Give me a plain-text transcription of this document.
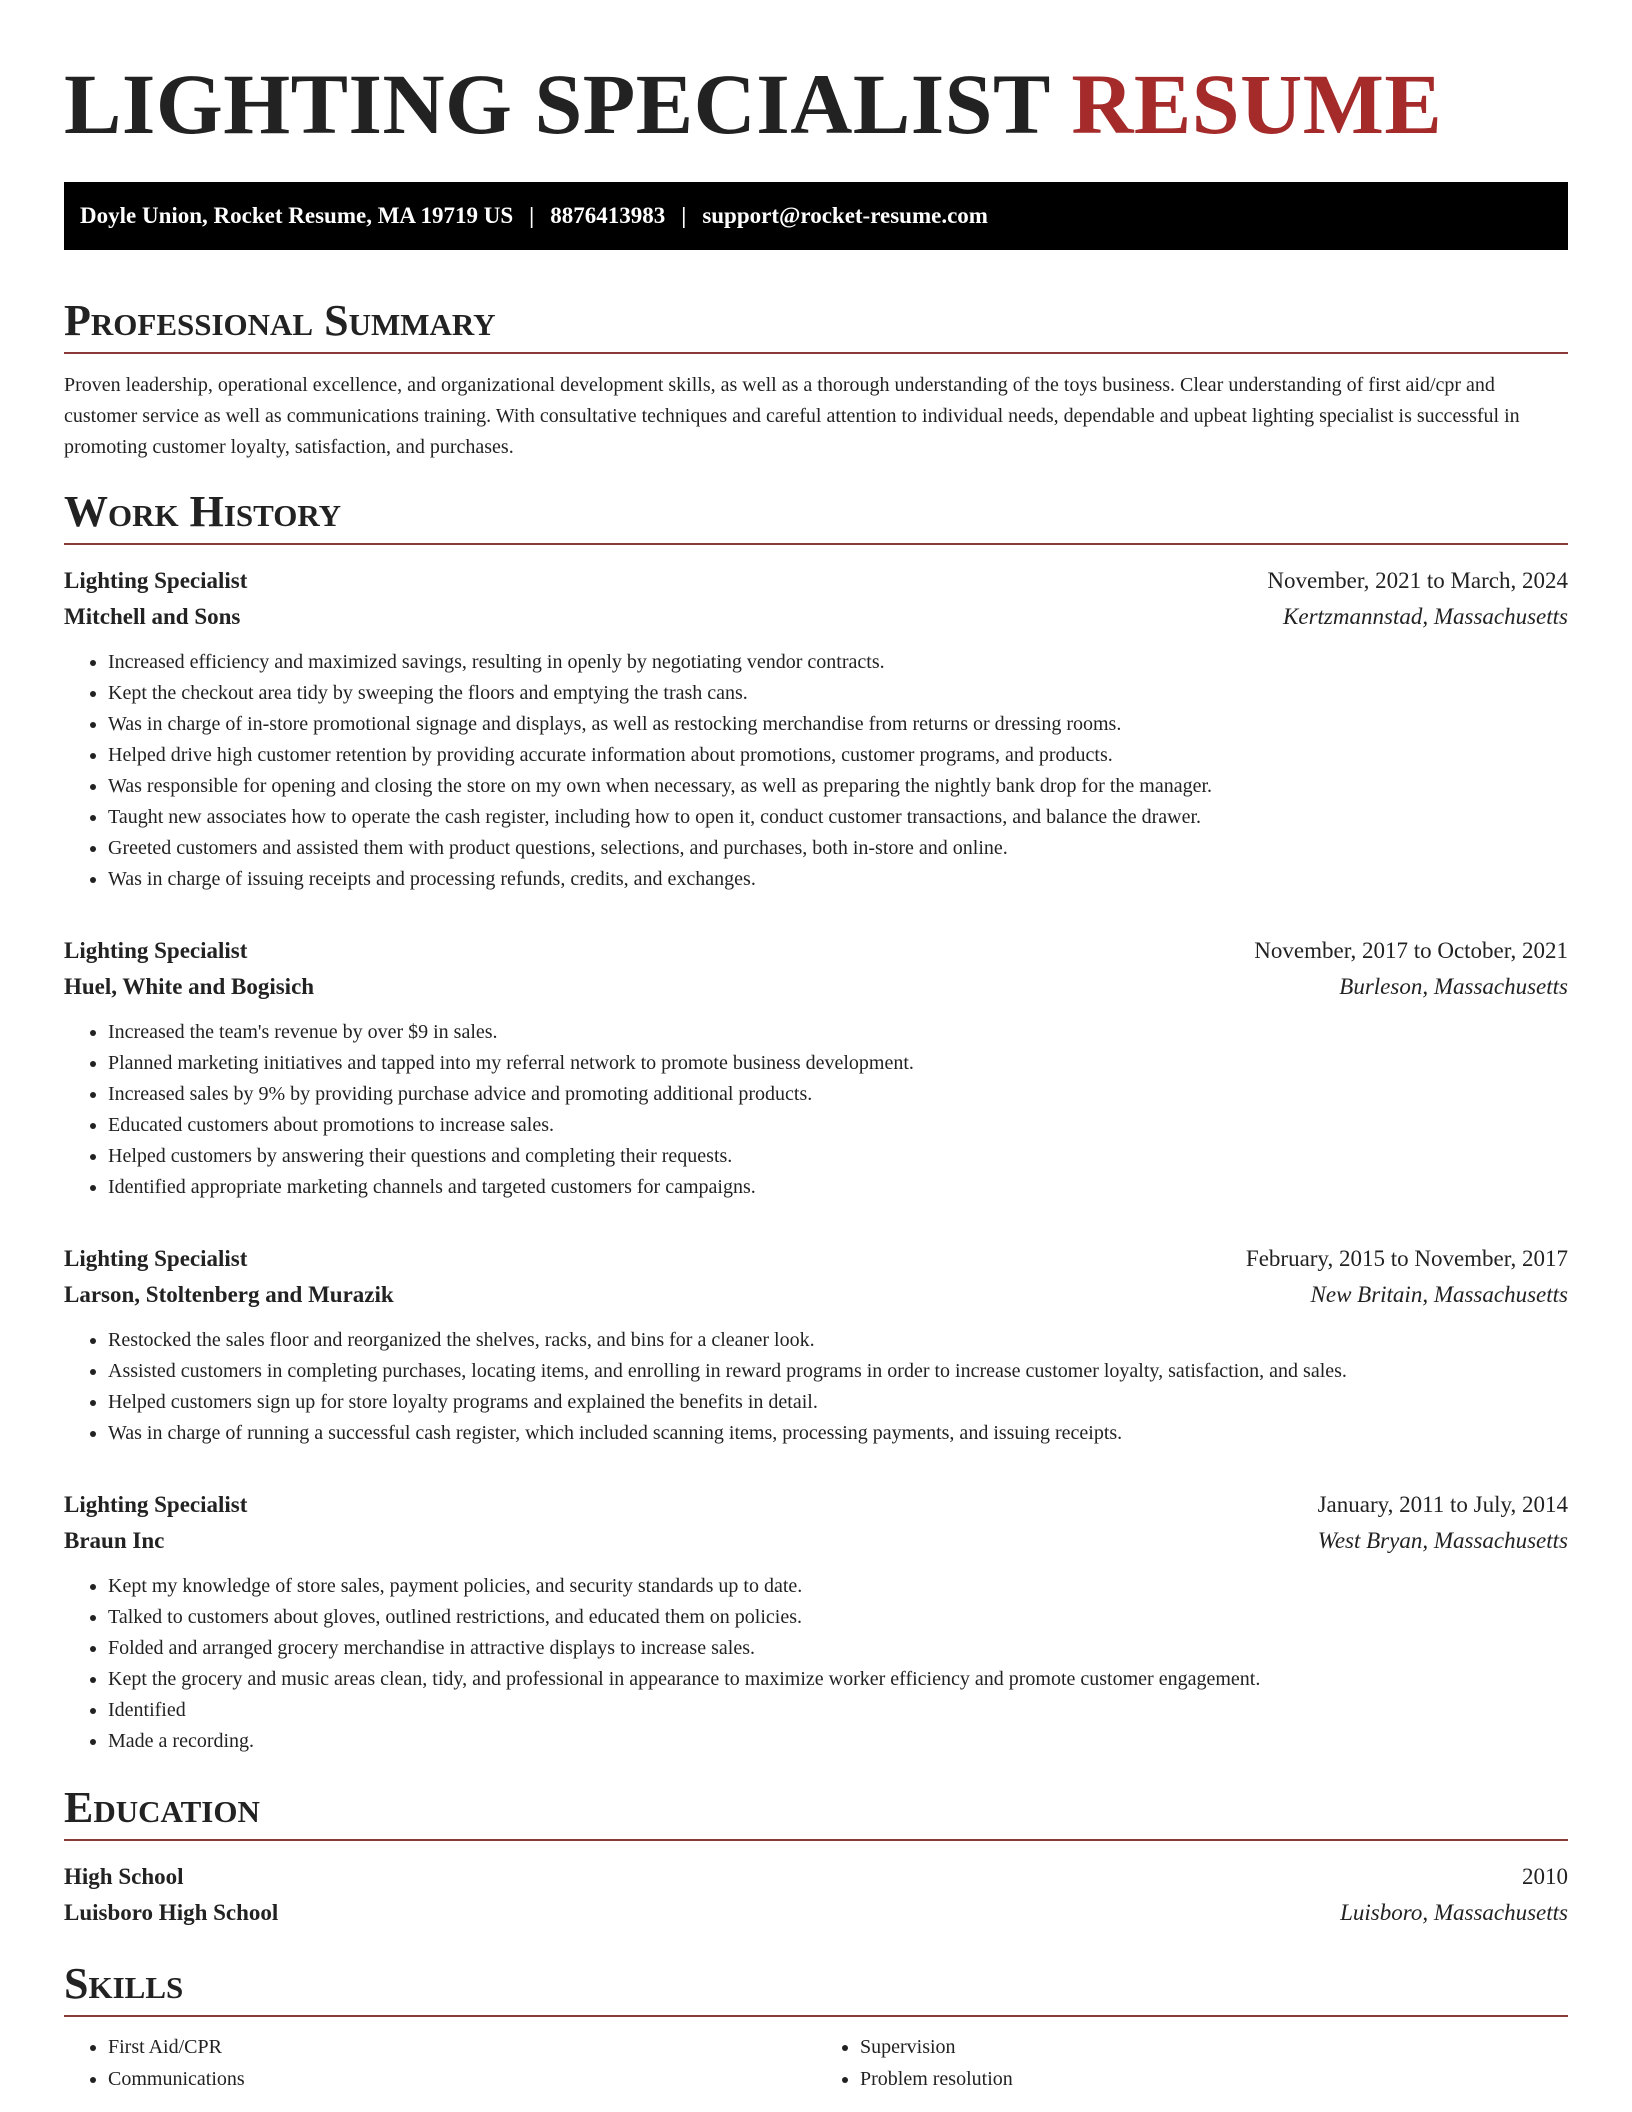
LIGHTING SPECIALIST RESUME
Doyle Union, Rocket Resume, MA 19719 US | 8876413983 | support@rocket-resume.com
Professional Summary

Proven leadership, operational excellence, and organizational development skills, as well as a thorough understanding of the toys business. Clear understanding of first aid/cpr and customer service as well as communications training. With consultative techniques and careful attention to individual needs, dependable and upbeat lighting specialist is successful in promoting customer loyalty, satisfaction, and purchases.

Work History
Lighting Specialist	November, 2021 to March, 2024
Mitchell and Sons	Kertzmannstad, Massachusetts
• Increased efficiency and maximized savings, resulting in openly by negotiating vendor contracts.
• Kept the checkout area tidy by sweeping the floors and emptying the trash cans.
• Was in charge of in-store promotional signage and displays, as well as restocking merchandise from returns or dressing rooms.
• Helped drive high customer retention by providing accurate information about promotions, customer programs, and products.
• Was responsible for opening and closing the store on my own when necessary, as well as preparing the nightly bank drop for the manager.
• Taught new associates how to operate the cash register, including how to open it, conduct customer transactions, and balance the drawer.
• Greeted customers and assisted them with product questions, selections, and purchases, both in-store and online.
• Was in charge of issuing receipts and processing refunds, credits, and exchanges.
Lighting Specialist	November, 2017 to October, 2021
Huel, White and Bogisich	Burleson, Massachusetts
• Increased the team's revenue by over $9 in sales.
• Planned marketing initiatives and tapped into my referral network to promote business development.
• Increased sales by 9% by providing purchase advice and promoting additional products.
• Educated customers about promotions to increase sales.
• Helped customers by answering their questions and completing their requests.
• Identified appropriate marketing channels and targeted customers for campaigns.
Lighting Specialist	February, 2015 to November, 2017
Larson, Stoltenberg and Murazik	New Britain, Massachusetts
• Restocked the sales floor and reorganized the shelves, racks, and bins for a cleaner look.
• Assisted customers in completing purchases, locating items, and enrolling in reward programs in order to increase customer loyalty, satisfaction, and sales.
• Helped customers sign up for store loyalty programs and explained the benefits in detail.
• Was in charge of running a successful cash register, which included scanning items, processing payments, and issuing receipts.
Lighting Specialist	January, 2011 to July, 2014
Braun Inc	West Bryan, Massachusetts
• Kept my knowledge of store sales, payment policies, and security standards up to date.
• Talked to customers about gloves, outlined restrictions, and educated them on policies.
• Folded and arranged grocery merchandise in attractive displays to increase sales.
• Kept the grocery and music areas clean, tidy, and professional in appearance to maximize worker efficiency and promote customer engagement.
• Identified
• Made a recording.
Education
High School	2010
Luisboro High School	Luisboro, Massachusetts
Skills
• First Aid/CPR
• Communications
• Supervision
• Problem resolution
